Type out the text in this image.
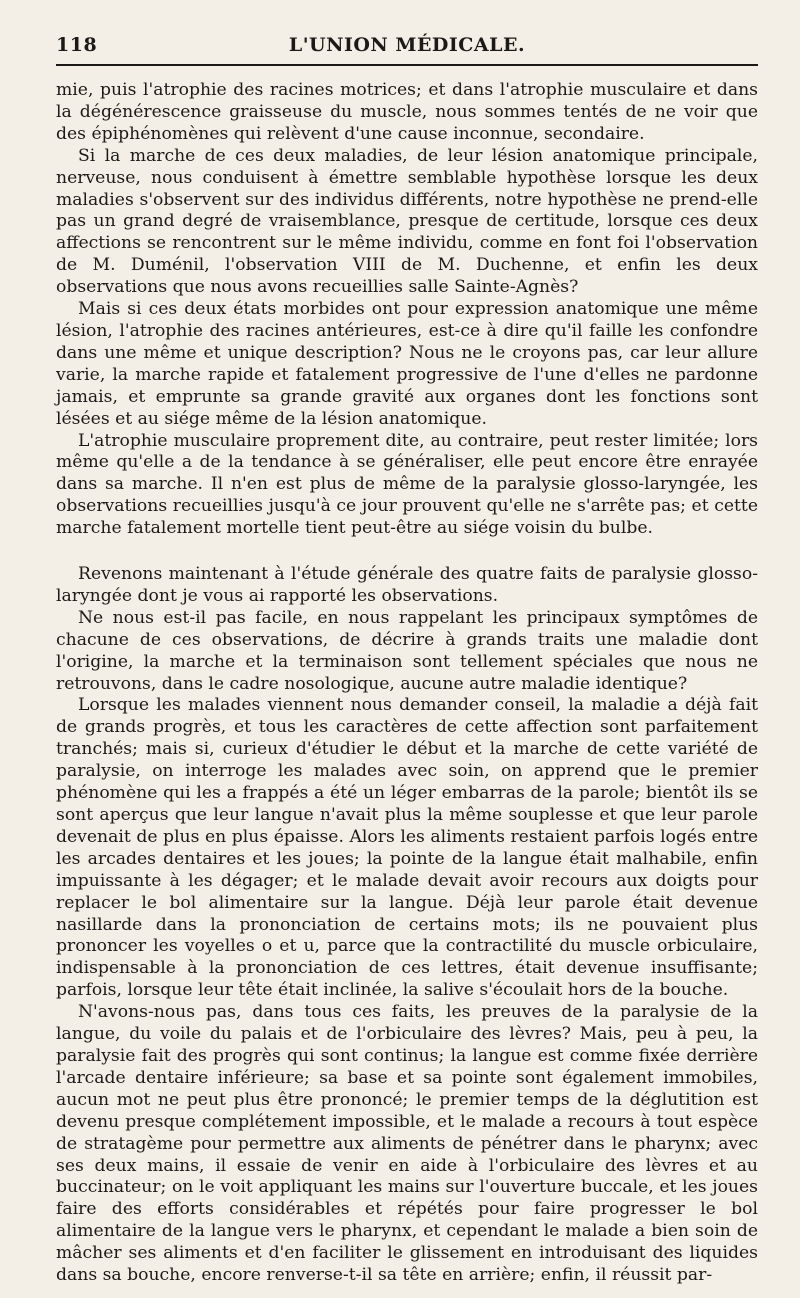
118	L'UNION MÉDICALE.

mie, puis l'atrophie des racines motrices; et dans l'atrophie musculaire et dans la dégénérescence graisseuse du muscle, nous sommes tentés de ne voir que des épiphénomènes qui relèvent d'une cause inconnue, secondaire.

Si la marche de ces deux maladies, de leur lésion anatomique principale, nerveuse, nous conduisent à émettre semblable hypothèse lorsque les deux maladies s'observent sur des individus différents, notre hypothèse ne prend-elle pas un grand degré de vraisemblance, presque de certitude, lorsque ces deux affections se rencontrent sur le même individu, comme en font foi l'observation de M. Duménil, l'observation VIII de M. Duchenne, et enfin les deux observations que nous avons recueillies salle Sainte-Agnès?

Mais si ces deux états morbides ont pour expression anatomique une même lésion, l'atrophie des racines antérieures, est-ce à dire qu'il faille les confondre dans une même et unique description? Nous ne le croyons pas, car leur allure varie, la marche rapide et fatalement progressive de l'une d'elles ne pardonne jamais, et emprunte sa grande gravité aux organes dont les fonctions sont lésées et au siége même de la lésion anatomique.

L'atrophie musculaire proprement dite, au contraire, peut rester limitée; lors même qu'elle a de la tendance à se généraliser, elle peut encore être enrayée dans sa marche. Il n'en est plus de même de la paralysie glosso-laryngée, les observations recueillies jusqu'à ce jour prouvent qu'elle ne s'arrête pas; et cette marche fatalement mortelle tient peut-être au siége voisin du bulbe.

Revenons maintenant à l'étude générale des quatre faits de paralysie glosso-laryngée dont je vous ai rapporté les observations.

Ne nous est-il pas facile, en nous rappelant les principaux symptômes de chacune de ces observations, de décrire à grands traits une maladie dont l'origine, la marche et la terminaison sont tellement spéciales que nous ne retrouvons, dans le cadre nosologique, aucune autre maladie identique?

Lorsque les malades viennent nous demander conseil, la maladie a déjà fait de grands progrès, et tous les caractères de cette affection sont parfaitement tranchés; mais si, curieux d'étudier le début et la marche de cette variété de paralysie, on interroge les malades avec soin, on apprend que le premier phénomène qui les a frappés a été un léger embarras de la parole; bientôt ils se sont aperçus que leur langue n'avait plus la même souplesse et que leur parole devenait de plus en plus épaisse. Alors les aliments restaient parfois logés entre les arcades dentaires et les joues; la pointe de la langue était malhabile, enfin impuissante à les dégager; et le malade devait avoir recours aux doigts pour replacer le bol alimentaire sur la langue. Déjà leur parole était devenue nasillarde dans la prononciation de certains mots; ils ne pouvaient plus prononcer les voyelles o et u, parce que la contractilité du muscle orbiculaire, indispensable à la prononciation de ces lettres, était devenue insuffisante; parfois, lorsque leur tête était inclinée, la salive s'écoulait hors de la bouche.

N'avons-nous pas, dans tous ces faits, les preuves de la paralysie de la langue, du voile du palais et de l'orbiculaire des lèvres? Mais, peu à peu, la paralysie fait des progrès qui sont continus; la langue est comme fixée derrière l'arcade dentaire inférieure; sa base et sa pointe sont également immobiles, aucun mot ne peut plus être prononcé; le premier temps de la déglutition est devenu presque complétement impossible, et le malade a recours à tout espèce de stratagème pour permettre aux aliments de pénétrer dans le pharynx; avec ses deux mains, il essaie de venir en aide à l'orbiculaire des lèvres et au buccinateur; on le voit appliquant les mains sur l'ouverture buccale, et les joues faire des efforts considérables et répétés pour faire progresser le bol alimentaire de la langue vers le pharynx, et cependant le malade a bien soin de mâcher ses aliments et d'en faciliter le glissement en introduisant des liquides dans sa bouche, encore renverse-t-il sa tête en arrière; enfin, il réussit par-
